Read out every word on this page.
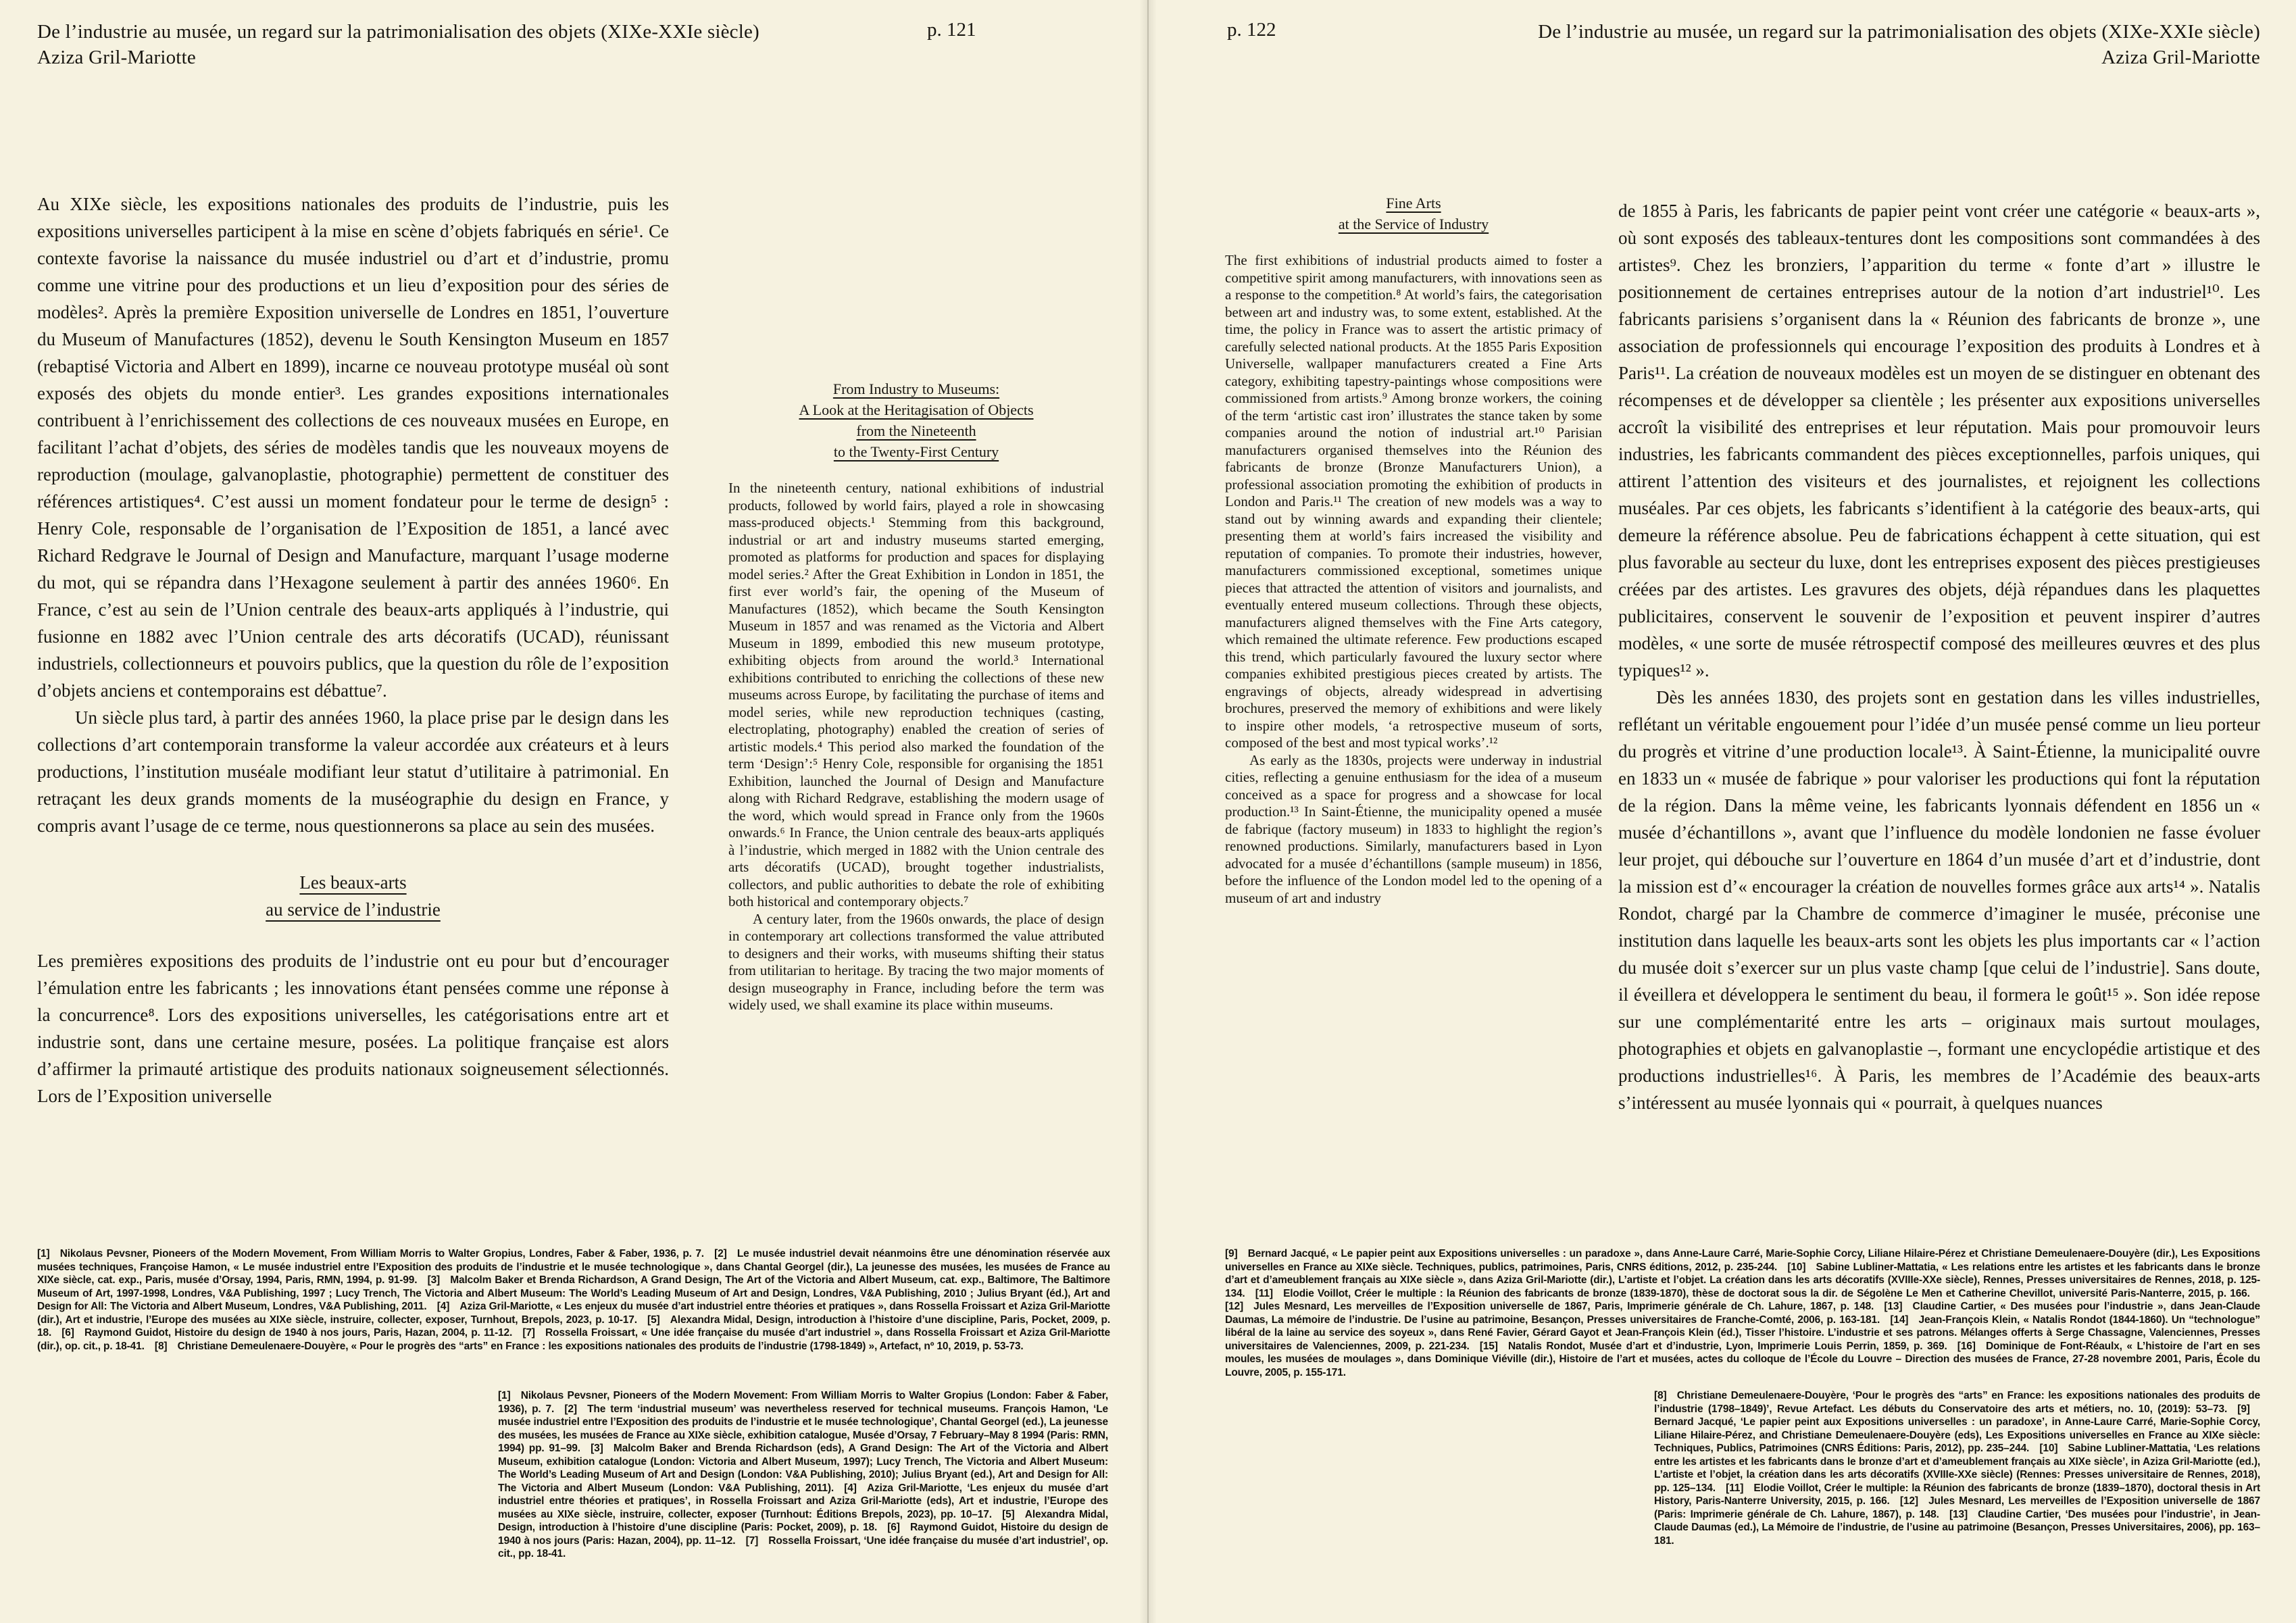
De l’industrie au musée, un regard sur la patrimonialisation des objets (XIXe-XXIe siècle)
Aziza Gril-Mariotte
p. 121

Au XIXe siècle, les expositions nationales des produits de l’industrie, puis les expositions universelles participent à la mise en scène d’objets fabriqués en série¹. Ce contexte favorise la naissance du musée industriel ou d’art et d’industrie, promu comme une vitrine pour des productions et un lieu d’exposition pour des séries de modèles². Après la première Exposition universelle de Londres en 1851, l’ouverture du Museum of Manufactures (1852), devenu le South Kensington Museum en 1857 (rebaptisé Victoria and Albert en 1899), incarne ce nouveau prototype muséal où sont exposés des objets du monde entier³. Les grandes expositions internationales contribuent à l’enrichissement des collections de ces nouveaux musées en Europe, en facilitant l’achat d’objets, des séries de modèles tandis que les nouveaux moyens de reproduction (moulage, galvanoplastie, photographie) permettent de constituer des références artistiques⁴. C’est aussi un moment fondateur pour le terme de design⁵ : Henry Cole, responsable de l’organisation de l’Exposition de 1851, a lancé avec Richard Redgrave le Journal of Design and Manufacture, marquant l’usage moderne du mot, qui se répandra dans l’Hexagone seulement à partir des années 1960⁶. En France, c’est au sein de l’Union centrale des beaux-arts appliqués à l’industrie, qui fusionne en 1882 avec l’Union centrale des arts décoratifs (UCAD), réunissant industriels, collectionneurs et pouvoirs publics, que la question du rôle de l’exposition d’objets anciens et contemporains est débattue⁷.

Un siècle plus tard, à partir des années 1960, la place prise par le design dans les collections d’art contemporain transforme la valeur accordée aux créateurs et à leurs productions, l’institution muséale modifiant leur statut d’utilitaire à patrimonial. En retraçant les deux grands moments de la muséographie du design en France, y compris avant l’usage de ce terme, nous questionnerons sa place au sein des musées.

Les beaux-arts
au service de l’industrie

Les premières expositions des produits de l’industrie ont eu pour but d’encourager l’émulation entre les fabricants ; les innovations étant pensées comme une réponse à la concurrence⁸. Lors des expositions universelles, les catégorisations entre art et industrie sont, dans une certaine mesure, posées. La politique française est alors d’affirmer la primauté artistique des produits nationaux soigneusement sélectionnés. Lors de l’Exposition universelle

From Industry to Museums:
A Look at the Heritagisation of Objects
from the Nineteenth
to the Twenty-First Century

In the nineteenth century, national exhibitions of industrial products, followed by world fairs, played a role in showcasing mass-produced objects.¹ Stemming from this background, industrial or art and industry museums started emerging, promoted as platforms for production and spaces for displaying model series.² After the Great Exhibition in London in 1851, the first ever world’s fair, the opening of the Museum of Manufactures (1852), which became the South Kensington Museum in 1857 and was renamed as the Victoria and Albert Museum in 1899, embodied this new museum prototype, exhibiting objects from around the world.³ International exhibitions contributed to enriching the collections of these new museums across Europe, by facilitating the purchase of items and model series, while new reproduction techniques (casting, electroplating, photography) enabled the creation of series of artistic models.⁴ This period also marked the foundation of the term ‘Design’:⁵ Henry Cole, responsible for organising the 1851 Exhibition, launched the Journal of Design and Manufacture along with Richard Redgrave, establishing the modern usage of the word, which would spread in France only from the 1960s onwards.⁶ In France, the Union centrale des beaux-arts appliqués à l’industrie, which merged in 1882 with the Union centrale des arts décoratifs (UCAD), brought together industrialists, collectors, and public authorities to debate the role of exhibiting both historical and contemporary objects.⁷

A century later, from the 1960s onwards, the place of design in contemporary art collections transformed the value attributed to designers and their works, with museums shifting their status from utilitarian to heritage. By tracing the two major moments of design museography in France, including before the term was widely used, we shall examine its place within museums.

[1]  Nikolaus Pevsner, Pioneers of the Modern Movement, From William Morris to Walter Gropius, Londres, Faber & Faber, 1936, p. 7.  [2]  Le musée industriel devait néanmoins être une dénomination réservée aux musées techniques, Françoise Hamon, « Le musée industriel entre l’Exposition des produits de l’industrie et le musée technologique », dans Chantal Georgel (dir.), La jeunesse des musées, les musées de France au XIXe siècle, cat. exp., Paris, musée d’Orsay, 1994, Paris, RMN, 1994, p. 91-99.  [3]  Malcolm Baker et Brenda Richardson, A Grand Design, The Art of the Victoria and Albert Museum, cat. exp., Baltimore, The Baltimore Museum of Art, 1997-1998, Londres, V&A Publishing, 1997 ; Lucy Trench, The Victoria and Albert Museum: The World’s Leading Museum of Art and Design, Londres, V&A Publishing, 2010 ; Julius Bryant (éd.), Art and Design for All: The Victoria and Albert Museum, Londres, V&A Publishing, 2011.  [4]  Aziza Gril-Mariotte, « Les enjeux du musée d’art industriel entre théories et pratiques », dans Rossella Froissart et Aziza Gril-Mariotte (dir.), Art et industrie, l’Europe des musées au XIXe siècle, instruire, collecter, exposer, Turnhout, Brepols, 2023, p. 10-17.  [5]  Alexandra Midal, Design, introduction à l’histoire d’une discipline, Paris, Pocket, 2009, p. 18.  [6]  Raymond Guidot, Histoire du design de 1940 à nos jours, Paris, Hazan, 2004, p. 11-12.  [7]  Rossella Froissart, « Une idée française du musée d’art industriel », dans Rossella Froissart et Aziza Gril-Mariotte (dir.), op. cit., p. 18-41.  [8]  Christiane Demeulenaere-Douyère, « Pour le progrès des “arts” en France : les expositions nationales des produits de l’industrie (1798-1849) », Artefact, nº 10, 2019, p. 53-73.
[1]  Nikolaus Pevsner, Pioneers of the Modern Movement: From William Morris to Walter Gropius (London: Faber & Faber, 1936), p. 7.  [2]  The term ‘industrial museum’ was nevertheless reserved for technical museums. François Hamon, ‘Le musée industriel entre l’Exposition des produits de l’industrie et le musée technologique’, Chantal Georgel (ed.), La jeunesse des musées, les musées de France au XIXe siècle, exhibition catalogue, Musée d’Orsay, 7 February–May 8 1994 (Paris: RMN, 1994) pp. 91–99.  [3]  Malcolm Baker and Brenda Richardson (eds), A Grand Design: The Art of the Victoria and Albert Museum, exhibition catalogue (London: Victoria and Albert Museum, 1997); Lucy Trench, The Victoria and Albert Museum: The World’s Leading Museum of Art and Design (London: V&A Publishing, 2010); Julius Bryant (ed.), Art and Design for All: The Victoria and Albert Museum (London: V&A Publishing, 2011).  [4]  Aziza Gril-Mariotte, ‘Les enjeux du musée d’art industriel entre théories et pratiques’, in Rossella Froissart and Aziza Gril-Mariotte (eds), Art et industrie, l’Europe des musées au XIXe siècle, instruire, collecter, exposer (Turnhout: Éditions Brepols, 2023), pp. 10–17.  [5]  Alexandra Midal, Design, introduction à l’histoire d’une discipline (Paris: Pocket, 2009), p. 18.  [6]  Raymond Guidot, Histoire du design de 1940 à nos jours (Paris: Hazan, 2004), pp. 11–12.  [7]  Rossella Froissart, ‘Une idée française du musée d’art industriel’, op. cit., pp. 18-41.
p. 122	De l’industrie au musée, un regard sur la patrimonialisation des objets (XIXe-XXIe siècle)
Aziza Gril-Mariotte
Fine Arts
at the Service of Industry

The first exhibitions of industrial products aimed to foster a competitive spirit among manufacturers, with innovations seen as a response to the competition.⁸ At world’s fairs, the categorisation between art and industry was, to some extent, established. At the time, the policy in France was to assert the artistic primacy of carefully selected national products. At the 1855 Paris Exposition Universelle, wallpaper manufacturers created a Fine Arts category, exhibiting tapestry-paintings whose compositions were commissioned from artists.⁹ Among bronze workers, the coining of the term ‘artistic cast iron’ illustrates the stance taken by some companies around the notion of industrial art.¹⁰ Parisian manufacturers organised themselves into the Réunion des fabricants de bronze (Bronze Manufacturers Union), a professional association promoting the exhibition of products in London and Paris.¹¹ The creation of new models was a way to stand out by winning awards and expanding their clientele; presenting them at world’s fairs increased the visibility and reputation of companies. To promote their industries, however, manufacturers commissioned exceptional, sometimes unique pieces that attracted the attention of visitors and journalists, and eventually entered museum collections. Through these objects, manufacturers aligned themselves with the Fine Arts category, which remained the ultimate reference. Few productions escaped this trend, which particularly favoured the luxury sector where companies exhibited prestigious pieces created by artists. The engravings of objects, already widespread in advertising brochures, preserved the memory of exhibitions and were likely to inspire other models, ‘a retrospective museum of sorts, composed of the best and most typical works’.¹²

As early as the 1830s, projects were underway in industrial cities, reflecting a genuine enthusiasm for the idea of a museum conceived as a space for progress and a showcase for local production.¹³ In Saint-Étienne, the municipality opened a musée de fabrique (factory museum) in 1833 to highlight the region’s renowned productions. Similarly, manufacturers based in Lyon advocated for a musée d’échantillons (sample museum) in 1856, before the influence of the London model led to the opening of a museum of art and industry

de 1855 à Paris, les fabricants de papier peint vont créer une catégorie « beaux-arts », où sont exposés des tableaux-tentures dont les compositions sont commandées à des artistes⁹. Chez les bronziers, l’apparition du terme « fonte d’art » illustre le positionnement de certaines entreprises autour de la notion d’art industriel¹⁰. Les fabricants parisiens s’organisent dans la « Réunion des fabricants de bronze », une association de professionnels qui encourage l’exposition des produits à Londres et à Paris¹¹. La création de nouveaux modèles est un moyen de se distinguer en obtenant des récompenses et de développer sa clientèle ; les présenter aux expositions universelles accroît la visibilité des entreprises et leur réputation. Mais pour promouvoir leurs industries, les fabricants commandent des pièces exceptionnelles, parfois uniques, qui attirent l’attention des visiteurs et des journalistes, et rejoignent les collections muséales. Par ces objets, les fabricants s’identifient à la catégorie des beaux-arts, qui demeure la référence absolue. Peu de fabrications échappent à cette situation, qui est plus favorable au secteur du luxe, dont les entreprises exposent des pièces prestigieuses créées par des artistes. Les gravures des objets, déjà répandues dans les plaquettes publicitaires, conservent le souvenir de l’exposition et peuvent inspirer d’autres modèles, « une sorte de musée rétrospectif composé des meilleures œuvres et des plus typiques¹² ».

Dès les années 1830, des projets sont en gestation dans les villes industrielles, reflétant un véritable engouement pour l’idée d’un musée pensé comme un lieu porteur du progrès et vitrine d’une production locale¹³. À Saint-Étienne, la municipalité ouvre en 1833 un « musée de fabrique » pour valoriser les productions qui font la réputation de la région. Dans la même veine, les fabricants lyonnais défendent en 1856 un « musée d’échantillons », avant que l’influence du modèle londonien ne fasse évoluer leur projet, qui débouche sur l’ouverture en 1864 d’un musée d’art et d’industrie, dont la mission est d’« encourager la création de nouvelles formes grâce aux arts¹⁴ ». Natalis Rondot, chargé par la Chambre de commerce d’imaginer le musée, préconise une institution dans laquelle les beaux-arts sont les objets les plus importants car « l’action du musée doit s’exercer sur un plus vaste champ [que celui de l’industrie]. Sans doute, il éveillera et développera le sentiment du beau, il formera le goût¹⁵ ». Son idée repose sur une complémentarité entre les arts – originaux mais surtout moulages, photographies et objets en galvanoplastie –, formant une encyclopédie artistique et des productions industrielles¹⁶. À Paris, les membres de l’Académie des beaux-arts s’intéressent au musée lyonnais qui « pourrait, à quelques nuances

[9]  Bernard Jacqué, « Le papier peint aux Expositions universelles : un paradoxe », dans Anne-Laure Carré, Marie-Sophie Corcy, Liliane Hilaire-Pérez et Christiane Demeulenaere-Douyère (dir.), Les Expositions universelles en France au XIXe siècle. Techniques, publics, patrimoines, Paris, CNRS éditions, 2012, p. 235-244.  [10]  Sabine Lubliner-Mattatia, « Les relations entre les artistes et les fabricants dans le bronze d’art et d’ameublement français au XIXe siècle », dans Aziza Gril-Mariotte (dir.), L’artiste et l’objet. La création dans les arts décoratifs (XVIIIe-XXe siècle), Rennes, Presses universitaires de Rennes, 2018, p. 125-134.  [11]  Elodie Voillot, Créer le multiple : la Réunion des fabricants de bronze (1839-1870), thèse de doctorat sous la dir. de Ségolène Le Men et Catherine Chevillot, université Paris-Nanterre, 2015, p. 166.  [12]  Jules Mesnard, Les merveilles de l’Exposition universelle de 1867, Paris, Imprimerie générale de Ch. Lahure, 1867, p. 148.  [13]  Claudine Cartier, « Des musées pour l’industrie », dans Jean-Claude Daumas, La mémoire de l’industrie. De l’usine au patrimoine, Besançon, Presses universitaires de Franche-Comté, 2006, p. 163-181.  [14]  Jean-François Klein, « Natalis Rondot (1844-1860). Un “technologue” libéral de la laine au service des soyeux », dans René Favier, Gérard Gayot et Jean-François Klein (éd.), Tisser l’histoire. L’industrie et ses patrons. Mélanges offerts à Serge Chassagne, Valenciennes, Presses universitaires de Valenciennes, 2009, p. 221-234.  [15]  Natalis Rondot, Musée d’art et d’industrie, Lyon, Imprimerie Louis Perrin, 1859, p. 369.  [16]  Dominique de Font-Réaulx, « L’histoire de l’art en ses moules, les musées de moulages », dans Dominique Viéville (dir.), Histoire de l’art et musées, actes du colloque de l’École du Louvre – Direction des musées de France, 27-28 novembre 2001, Paris, École du Louvre, 2005, p. 155-171.
[8]  Christiane Demeulenaere-Douyère, ‘Pour le progrès des “arts” en France: les expositions nationales des produits de l’industrie (1798–1849)’, Revue Artefact. Les débuts du Conservatoire des arts et métiers, no. 10, (2019): 53–73.  [9]  Bernard Jacqué, ‘Le papier peint aux Expositions universelles : un paradoxe’, in Anne-Laure Carré, Marie-Sophie Corcy, Liliane Hilaire-Pérez, and Christiane Demeulenaere-Douyère (eds), Les Expositions universelles en France au XIXe siècle: Techniques, Publics, Patrimoines (CNRS Éditions: Paris, 2012), pp. 235–244.  [10]  Sabine Lubliner-Mattatia, ‘Les relations entre les artistes et les fabricants dans le bronze d’art et d’ameublement français au XIXe siècle’, in Aziza Gril-Mariotte (ed.), L’artiste et l’objet, la création dans les arts décoratifs (XVIIIe-XXe siècle) (Rennes: Presses universitaire de Rennes, 2018), pp. 125–134.  [11]  Elodie Voillot, Créer le multiple: la Réunion des fabricants de bronze (1839–1870), doctoral thesis in Art History, Paris-Nanterre University, 2015, p. 166.  [12]  Jules Mesnard, Les merveilles de l’Exposition universelle de 1867 (Paris: Imprimerie générale de Ch. Lahure, 1867), p. 148.  [13]  Claudine Cartier, ‘Des musées pour l’industrie’, in Jean-Claude Daumas (ed.), La Mémoire de l’industrie, de l’usine au patrimoine (Besançon, Presses Universitaires, 2006), pp. 163–181.
